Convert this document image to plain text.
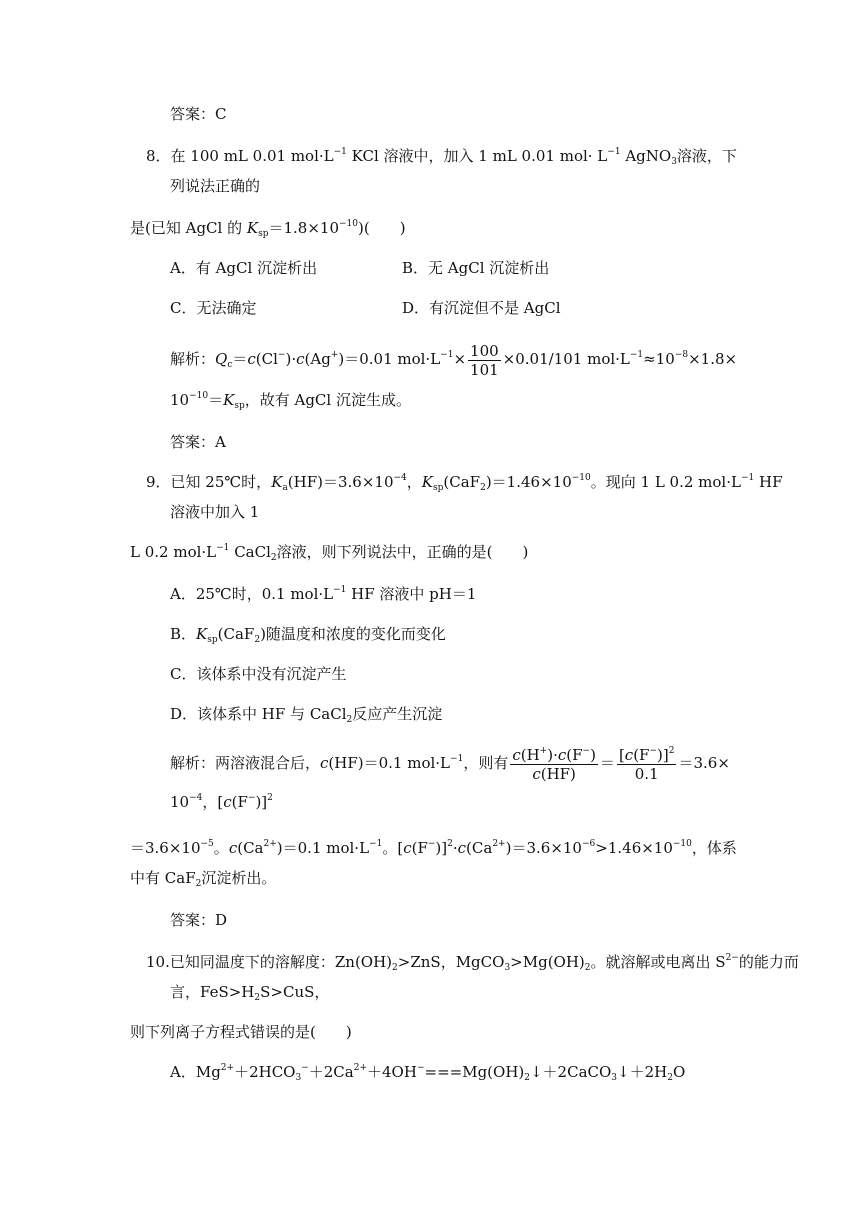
答案：C
8．在 100 mL 0.01 $mol\cdot L^{-1}$ KCl 溶液中，加入 1 mL 0.01 $mol\cdot L^{-1}$ AgNO$_3$溶液，下
列说法正确的
是(已知 AgCl 的 $K_{sp}=1.8\times 10^{-10}$)(　　)
A．有 AgCl 沉淀析出	B．无 AgCl 沉淀析出
C．无法确定	D．有沉淀但不是 AgCl
解析：$Q_c=c(Cl^-)\cdot c(Ag^+)=0.01$ $mol\cdot L^{-1}\times \frac{100}{101} \times 0.01/101$ $mol\cdot L^{-1}\approx 10^{-8}\times 1.8\times$
$10^{-10}=K_{sp}$，故有 AgCl 沉淀生成。
答案：A
9．已知 25℃时，$K_a(HF)=3.6\times 10^{-4}$，$K_{sp}(CaF_2)=1.46\times 10^{-10}$。现向 1 L 0.2 $mol\cdot L^{-1}$ HF
溶液中加入 1
L 0.2 $mol\cdot L^{-1}$ CaCl$_2$溶液，则下列说法中，正确的是(　　)
A．25℃时，0.1 $mol\cdot L^{-1}$ HF 溶液中 pH＝1
B．$K_{sp}(CaF_2)$随温度和浓度的变化而变化
C．该体系中没有沉淀产生
D．该体系中 HF 与 CaCl$_2$反应产生沉淀
解析：两溶液混合后，c(HF)＝0.1 $mol\cdot L^{-1}$，则有 $\frac{c(H^+)\cdot c(F^-)}{c(HF)} = \frac{[c(F^-)]^2}{0.1} =3.6\times$
$10^{-4}$，$[c(F^-)]^2$
$=3.6\times 10^{-5}$。$c(Ca^{2+})=0.1$ $mol\cdot L^{-1}$。$[c(F^-)]^2\cdot c(Ca^{2+})=3.6\times 10^{-6}>1.46\times 10^{-10}$，体系
中有 CaF$_2$沉淀析出。
答案：D
10.已知同温度下的溶解度：$Zn(OH)_2>ZnS$，$MgCO_3>Mg(OH)_2$。就溶解或电离出 $S^{2-}$的能力而
言，$FeS>H_2S>CuS$，
则下列离子方程式错误的是(　　)
A．$Mg^{2+}+2HCO_3^-+2Ca^{2+}+4OH^-===Mg(OH)_2↓+2CaCO_3↓+2H_2O$
